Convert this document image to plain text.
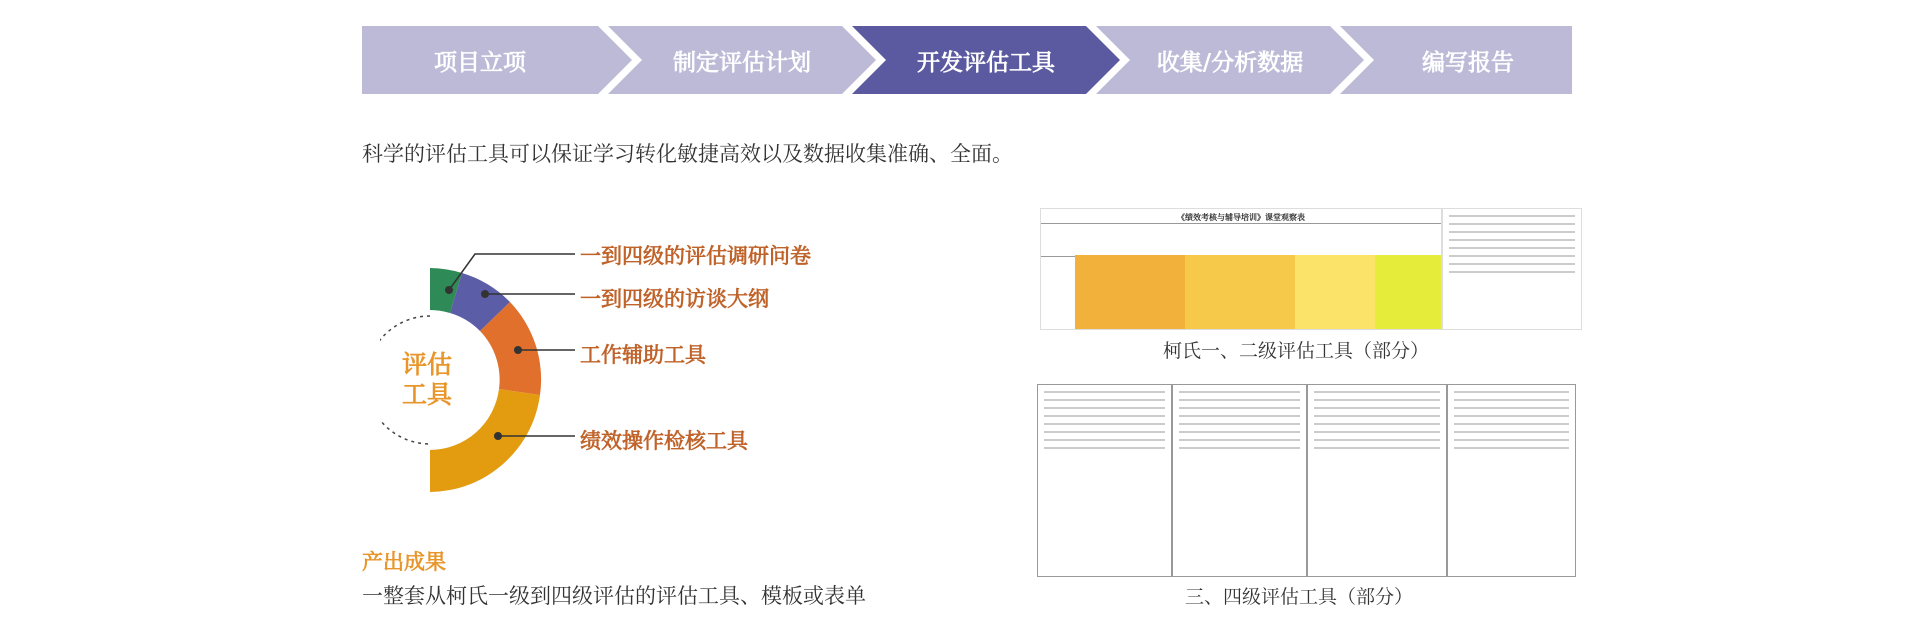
项目立项	制定评估计划	开发评估工具	收集/分析数据	编写报告
科学的评估工具可以保证学习转化敏捷高效以及数据收集准确、全面。
评估
工具
一到四级的评估调研问卷
一到四级的访谈大纲
工作辅助工具
绩效操作检核工具
产出成果
一整套从柯氏一级到四级评估的评估工具、模板或表单
《绩效考核与辅导培训》课堂观察表
柯氏一、二级评估工具（部分）
三、四级评估工具（部分）
